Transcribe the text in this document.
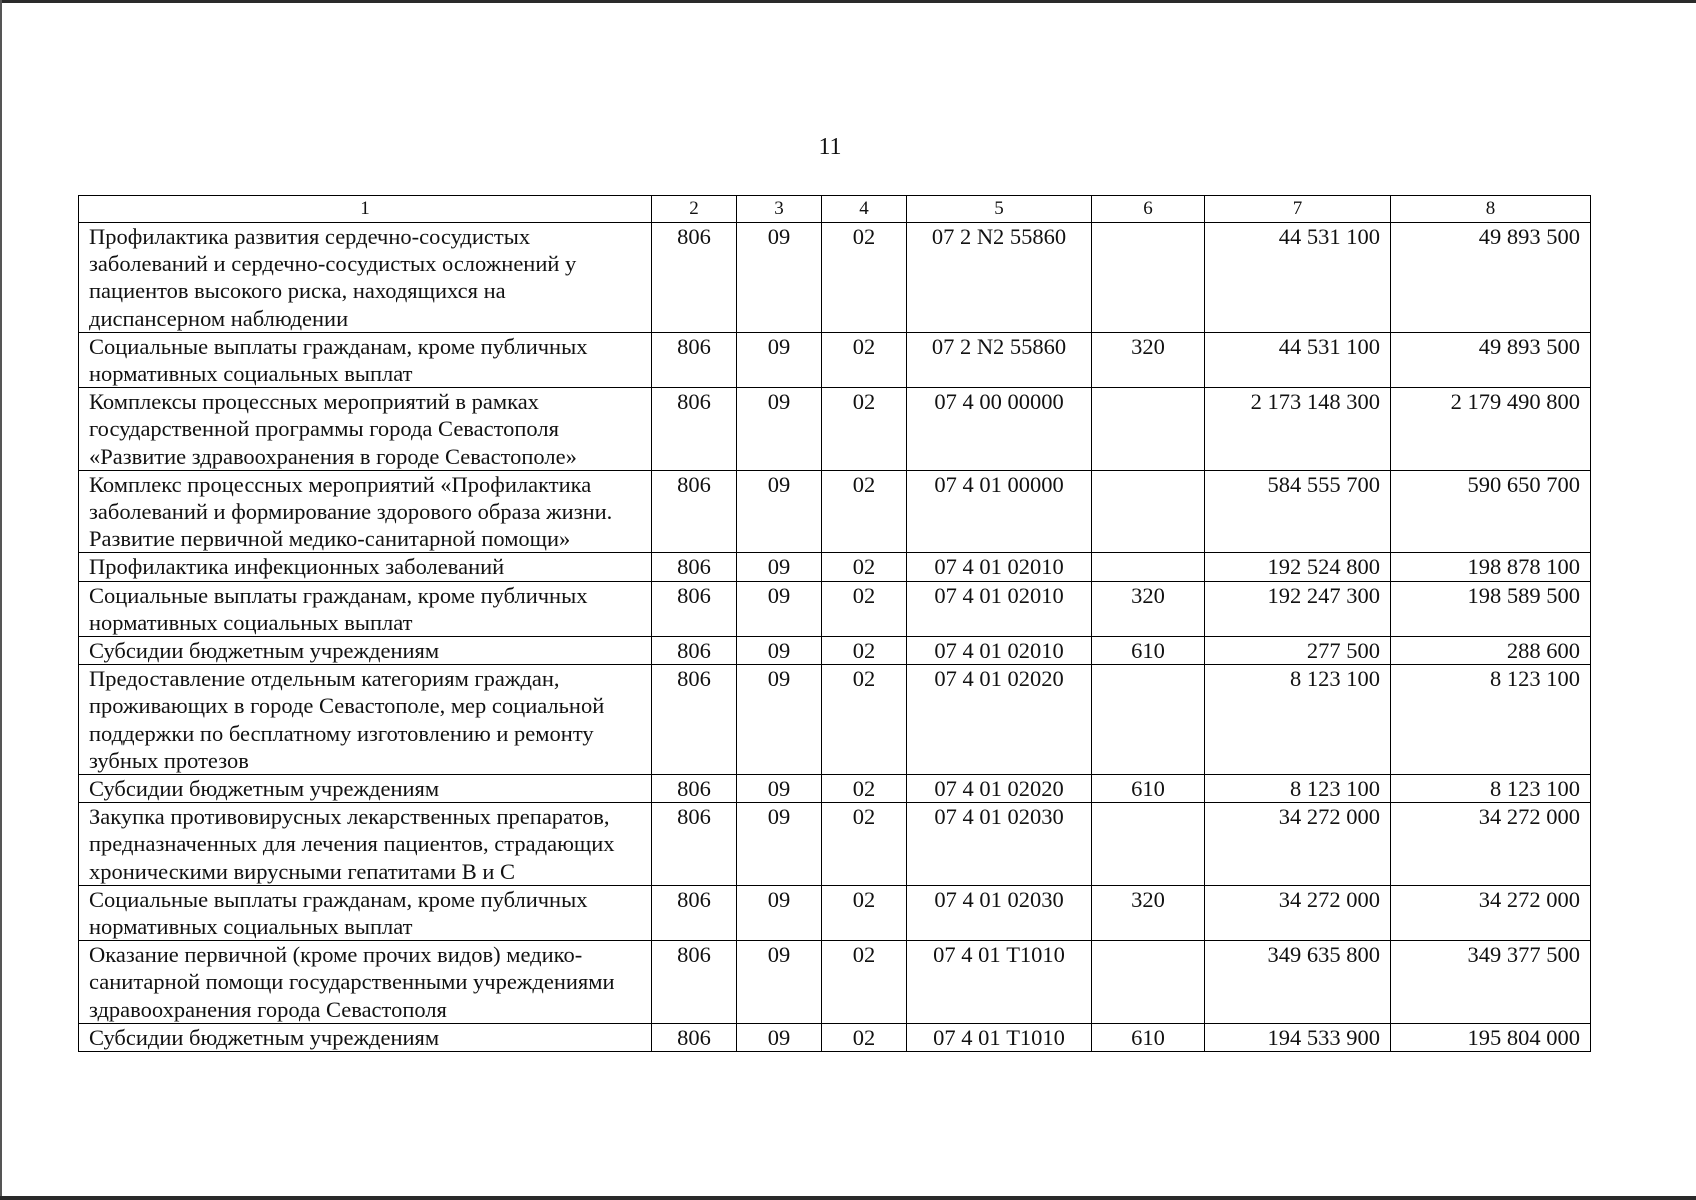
11
1	2	3	4	5	6	7	8
Профилактика развития сердечно-сосудистых заболеваний и сердечно-сосудистых осложнений у пациентов высокого риска, находящихся на диспансерном наблюдении	806	09	02	07 2 N2 55860		44 531 100	49 893 500
Социальные выплаты гражданам, кроме публичных нормативных социальных выплат	806	09	02	07 2 N2 55860	320	44 531 100	49 893 500
Комплексы процессных мероприятий в рамках государственной программы города Севастополя «Развитие здравоохранения в городе Севастополе»	806	09	02	07 4 00 00000		2 173 148 300	2 179 490 800
Комплекс процессных мероприятий «Профилактика заболеваний и формирование здорового образа жизни. Развитие первичной медико-санитарной помощи»	806	09	02	07 4 01 00000		584 555 700	590 650 700
Профилактика инфекционных заболеваний	806	09	02	07 4 01 02010		192 524 800	198 878 100
Социальные выплаты гражданам, кроме публичных нормативных социальных выплат	806	09	02	07 4 01 02010	320	192 247 300	198 589 500
Субсидии бюджетным учреждениям	806	09	02	07 4 01 02010	610	277 500	288 600
Предоставление отдельным категориям граждан, проживающих в городе Севастополе, мер социальной поддержки по бесплатному изготовлению и ремонту зубных протезов	806	09	02	07 4 01 02020		8 123 100	8 123 100
Субсидии бюджетным учреждениям	806	09	02	07 4 01 02020	610	8 123 100	8 123 100
Закупка противовирусных лекарственных препаратов, предназначенных для лечения пациентов, страдающих хроническими вирусными гепатитами В и С	806	09	02	07 4 01 02030		34 272 000	34 272 000
Социальные выплаты гражданам, кроме публичных нормативных социальных выплат	806	09	02	07 4 01 02030	320	34 272 000	34 272 000
Оказание первичной (кроме прочих видов) медико-санитарной помощи государственными учреждениями здравоохранения города Севастополя	806	09	02	07 4 01 Т1010		349 635 800	349 377 500
Субсидии бюджетным учреждениям	806	09	02	07 4 01 Т1010	610	194 533 900	195 804 000
